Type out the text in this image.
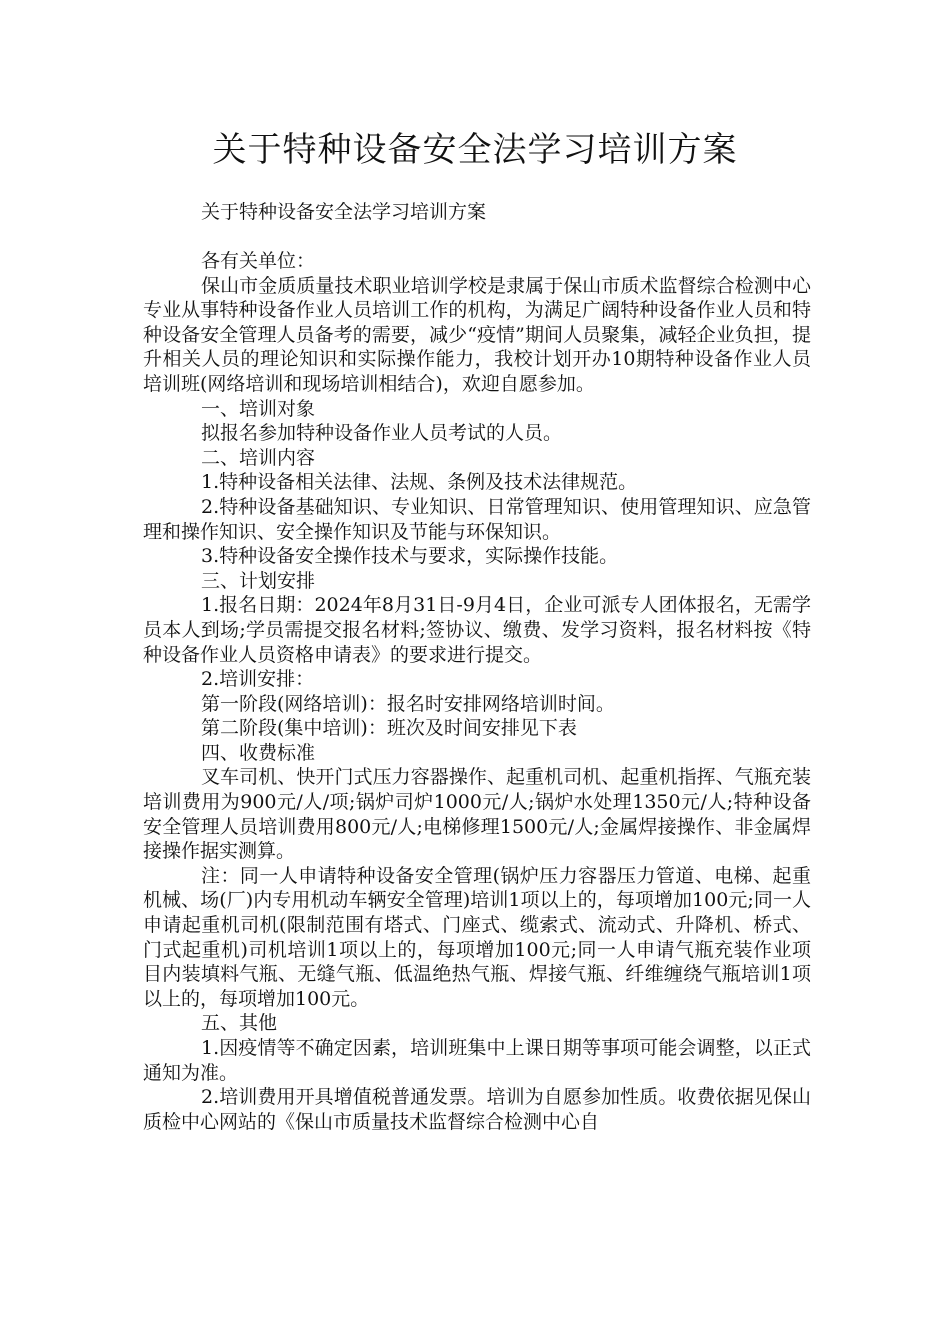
关于特种设备安全法学习培训方案

关于特种设备安全法学习培训方案

各有关单位：

保山市金质质量技术职业培训学校是隶属于保山市质术监督综合检测中心专业从事特种设备作业人员培训工作的机构，为满足广阔特种设备作业人员和特种设备安全管理人员备考的需要，减少“疫情”期间人员聚集，减轻企业负担，提升相关人员的理论知识和实际操作能力，我校计划开办10期特种设备作业人员培训班(网络培训和现场培训相结合)，欢迎自愿参加。

一、培训对象

拟报名参加特种设备作业人员考试的人员。

二、培训内容

1.特种设备相关法律、法规、条例及技术法律规范。

2.特种设备基础知识、专业知识、日常管理知识、使用管理知识、应急管理和操作知识、安全操作知识及节能与环保知识。

3.特种设备安全操作技术与要求，实际操作技能。

三、计划安排

1.报名日期：2024年8月31日-9月4日，企业可派专人团体报名，无需学员本人到场;学员需提交报名材料;签协议、缴费、发学习资料，报名材料按《特种设备作业人员资格申请表》的要求进行提交。

2.培训安排：

第一阶段(网络培训)：报名时安排网络培训时间。

第二阶段(集中培训)：班次及时间安排见下表

四、收费标准

叉车司机、快开门式压力容器操作、起重机司机、起重机指挥、气瓶充装培训费用为900元/人/项;锅炉司炉1000元/人;锅炉水处理1350元/人;特种设备安全管理人员培训费用800元/人;电梯修理1500元/人;金属焊接操作、非金属焊接操作据实测算。

注：同一人申请特种设备安全管理(锅炉压力容器压力管道、电梯、起重机械、场(厂)内专用机动车辆安全管理)培训1项以上的，每项增加100元;同一人申请起重机司机(限制范围有塔式、门座式、缆索式、流动式、升降机、桥式、门式起重机)司机培训1项以上的，每项增加100元;同一人申请气瓶充装作业项目内装填料气瓶、无缝气瓶、低温绝热气瓶、焊接气瓶、纤维缠绕气瓶培训1项以上的，每项增加100元。

五、其他

1.因疫情等不确定因素，培训班集中上课日期等事项可能会调整，以正式通知为准。

2.培训费用开具增值税普通发票。培训为自愿参加性质。收费依据见保山质检中心网站的《保山市质量技术监督综合检测中心自
